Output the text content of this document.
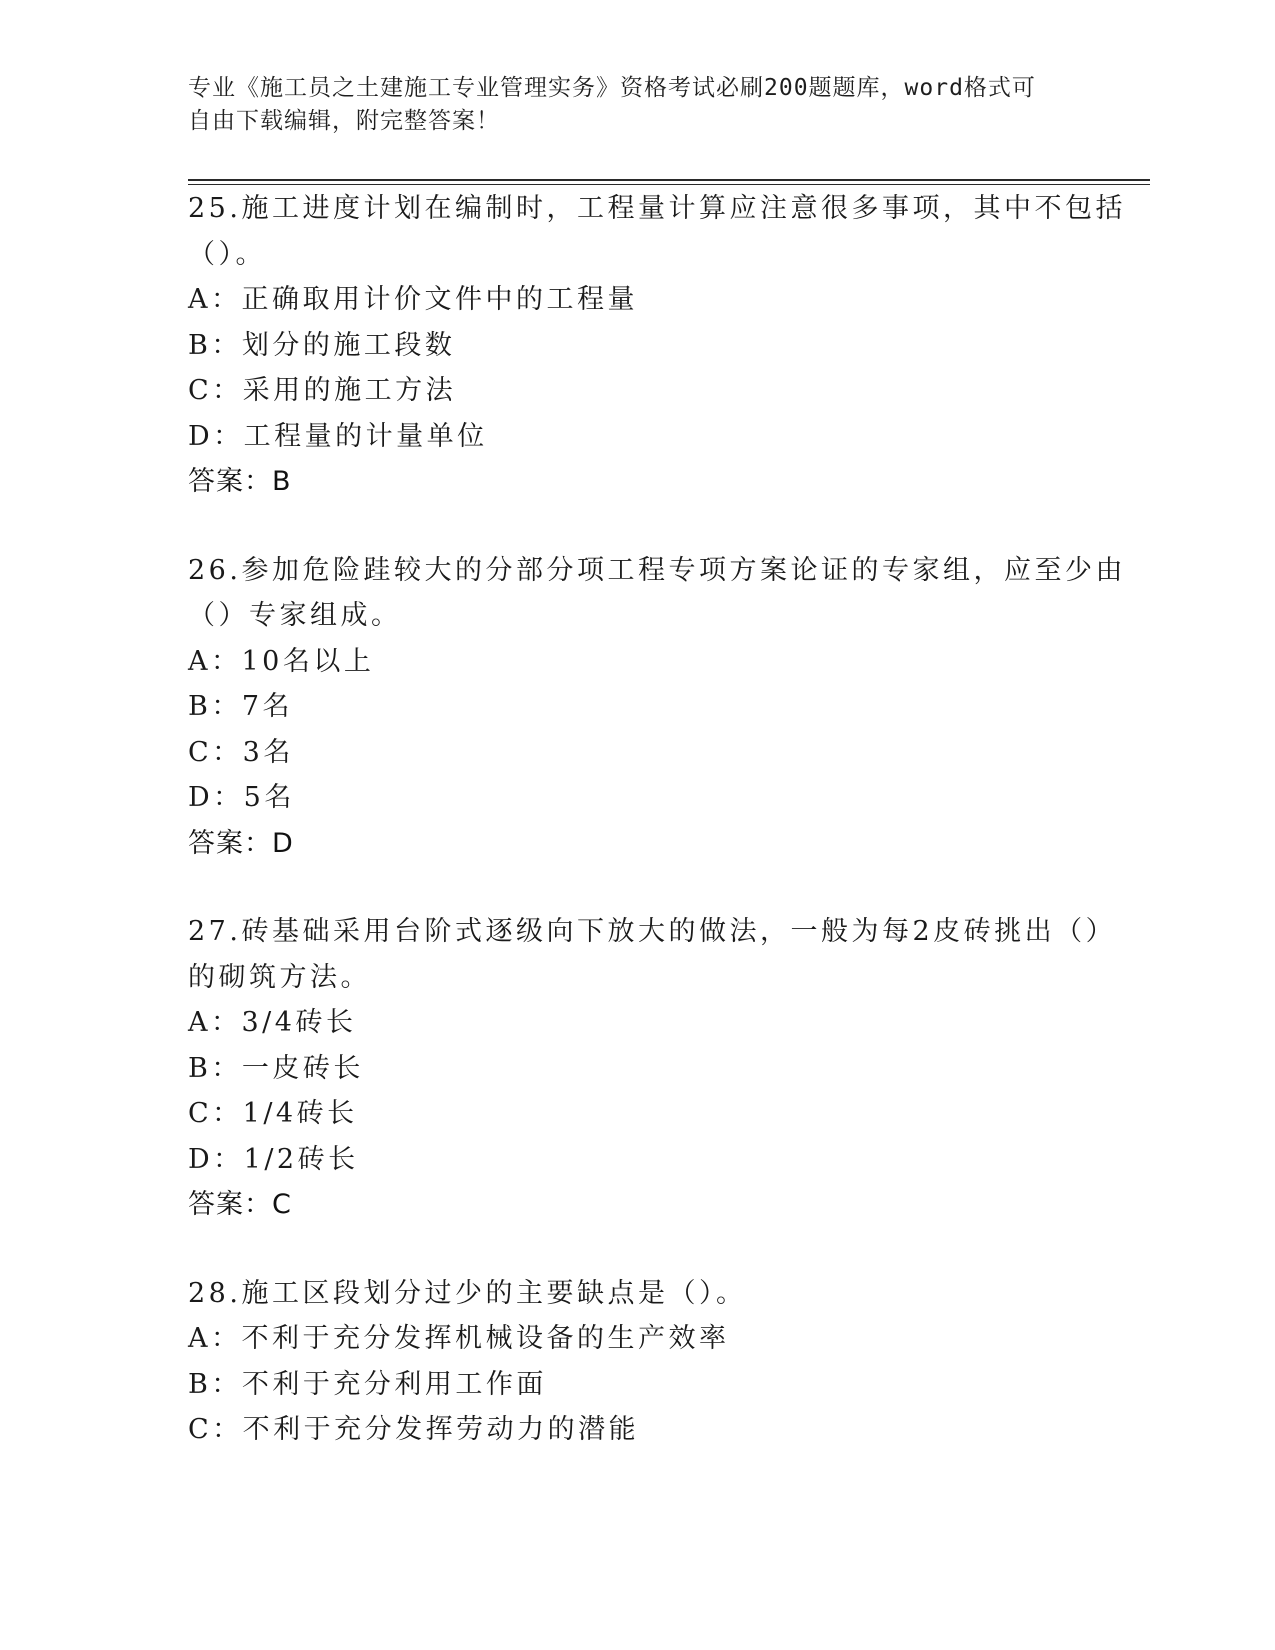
专业《施工员之土建施工专业管理实务》资格考试必刷200题题库，word格式可
自由下载编辑，附完整答案！
25.施工进度计划在编制时，工程量计算应注意很多事项，其中不包括
（）。
A：正确取用计价文件中的工程量
B：划分的施工段数
C：采用的施工方法
D：工程量的计量单位
答案：B
26.参加危险跬较大的分部分项工程专项方案论证的专家组，应至少由
（）专家组成。
A：10名以上
B：7名
C：3名
D：5名
答案：D
27.砖基础采用台阶式逐级向下放大的做法，一般为每2皮砖挑出（）
的砌筑方法。
A：3/4砖长
B：一皮砖长
C：1/4砖长
D：1/2砖长
答案：C
28.施工区段划分过少的主要缺点是（）。
A：不利于充分发挥机械设备的生产效率
B：不利于充分利用工作面
C：不利于充分发挥劳动力的潜能
